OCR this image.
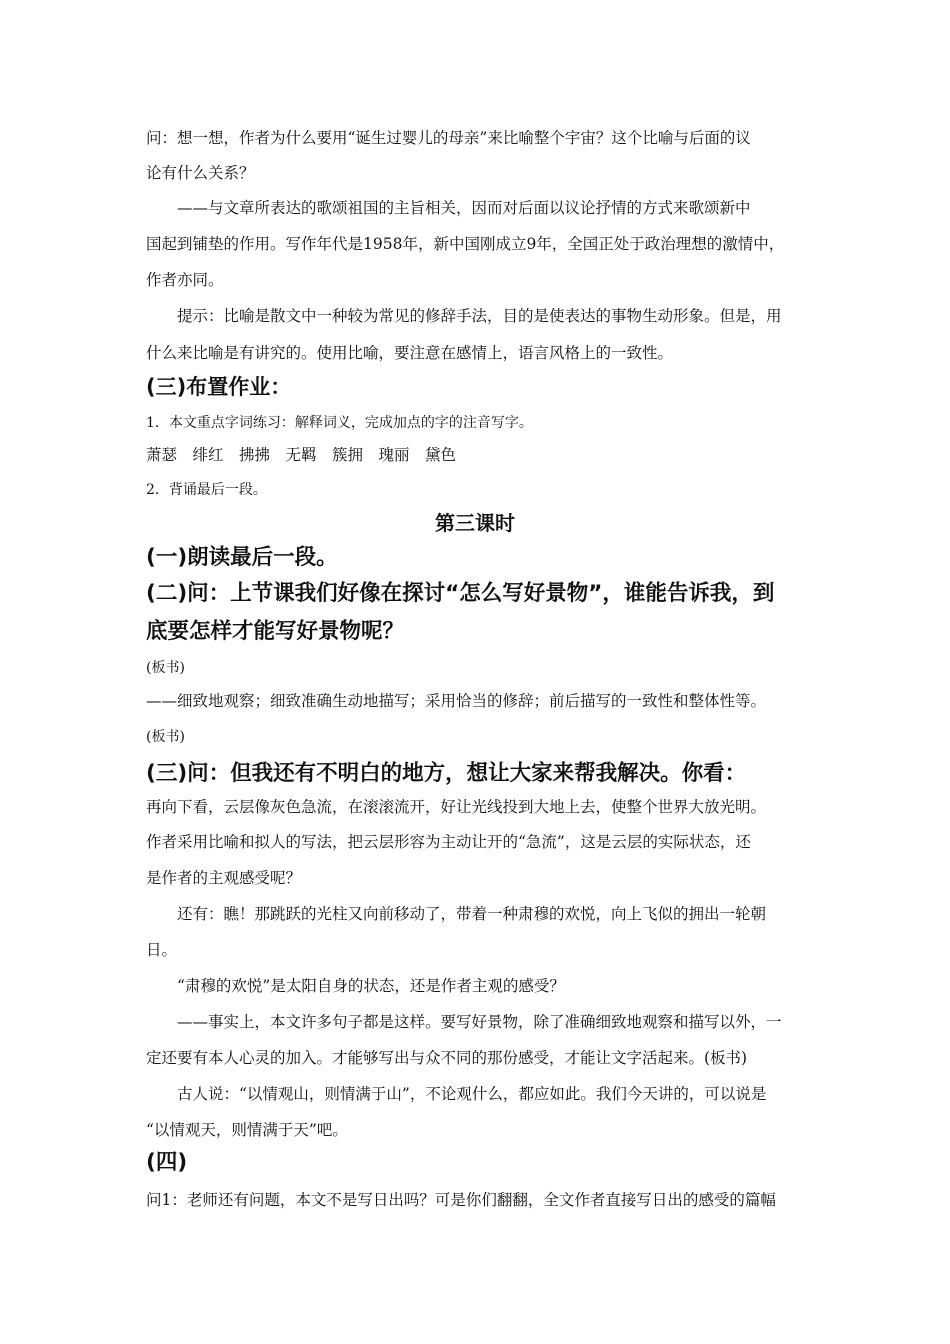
问：想一想，作者为什么要用“诞生过婴儿的母亲”来比喻整个宇宙？这个比喻与后面的议
论有什么关系？
——与文章所表达的歌颂祖国的主旨相关，因而对后面以议论抒情的方式来歌颂新中
国起到铺垫的作用。写作年代是1958年，新中国刚成立9年，全国正处于政治理想的激情中，
作者亦同。
提示：比喻是散文中一种较为常见的修辞手法，目的是使表达的事物生动形象。但是，用
什么来比喻是有讲究的。使用比喻，要注意在感情上，语言风格上的一致性。
(三)布置作业：
1．本文重点字词练习：解释词义，完成加点的字的注音写字。
萧瑟　绯红　拂拂　无羁　簇拥　瑰丽　黛色
2．背诵最后一段。
第三课时
(一)朗读最后一段。
(二)问：上节课我们好像在探讨“怎么写好景物”，谁能告诉我，到
底要怎样才能写好景物呢？
(板书)
——细致地观察；细致准确生动地描写；采用恰当的修辞；前后描写的一致性和整体性等。
(板书)
(三)问：但我还有不明白的地方，想让大家来帮我解决。你看：
再向下看，云层像灰色急流，在滚滚流开，好让光线投到大地上去，使整个世界大放光明。
作者采用比喻和拟人的写法，把云层形容为主动让开的“急流”，这是云层的实际状态，还
是作者的主观感受呢？
还有：瞧！那跳跃的光柱又向前移动了，带着一种肃穆的欢悦，向上飞似的拥出一轮朝
日。
“肃穆的欢悦”是太阳自身的状态，还是作者主观的感受？
——事实上，本文许多句子都是这样。要写好景物，除了准确细致地观察和描写以外，一
定还要有本人心灵的加入。才能够写出与众不同的那份感受，才能让文字活起来。(板书)
古人说：“以情观山，则情满于山”，不论观什么，都应如此。我们今天讲的，可以说是
“以情观天，则情满于天”吧。
(四)
问1：老师还有问题，本文不是写日出吗？可是你们翻翻，全文作者直接写日出的感受的篇幅
